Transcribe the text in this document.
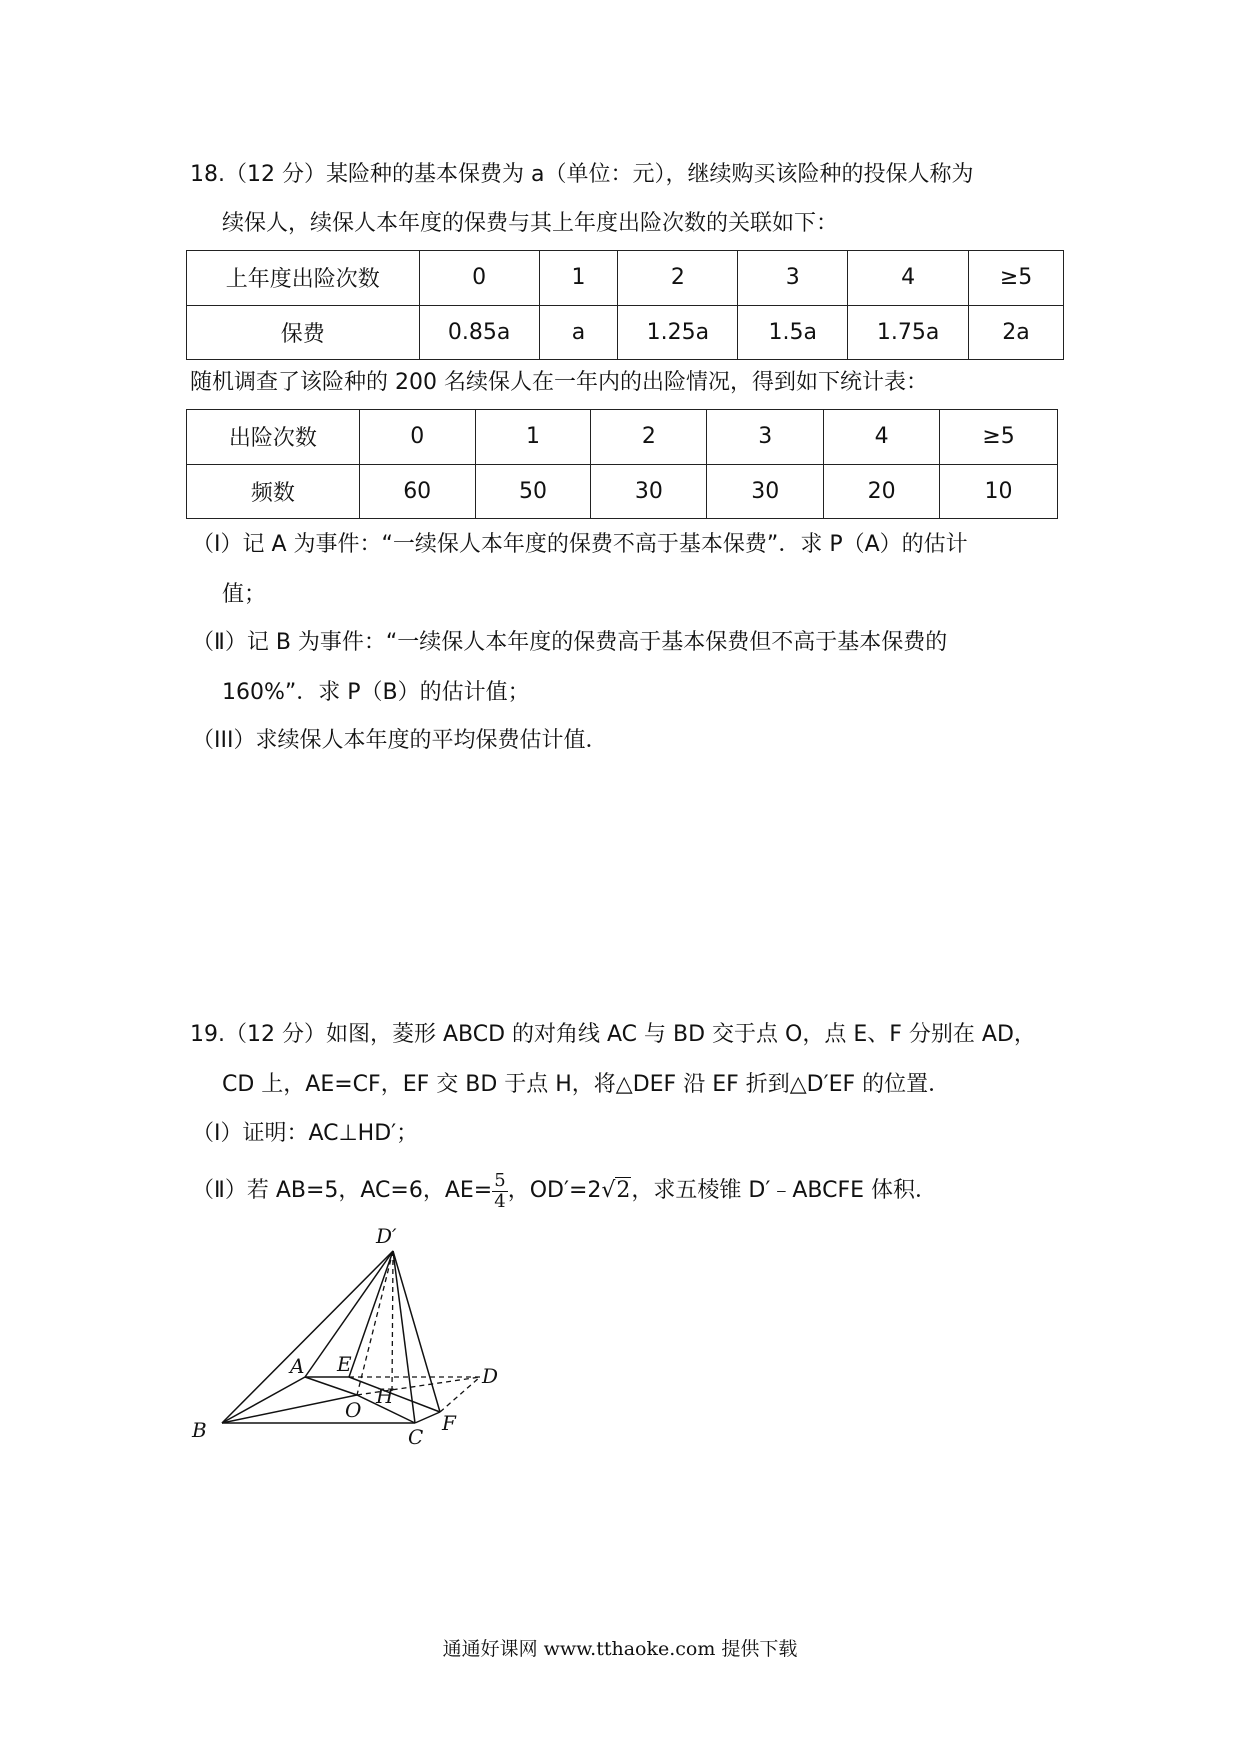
18.（12 分）某险种的基本保费为 a（单位：元），继续购买该险种的投保人称为
续保人，续保人本年度的保费与其上年度出险次数的关联如下：
上年度出险次数	0	1	2	3	4	≥5
保费	0.85a	a	1.25a	1.5a	1.75a	2a
随机调查了该险种的 200 名续保人在一年内的出险情况，得到如下统计表：
出险次数	0	1	2	3	4	≥5
频数	60	50	30	30	20	10
（I）记 A 为事件：“一续保人本年度的保费不高于基本保费”．求 P（A）的估计
值；
（Ⅱ）记 B 为事件：“一续保人本年度的保费高于基本保费但不高于基本保费的
160%”．求 P（B）的估计值；
（III）求续保人本年度的平均保费估计值．
19.（12 分）如图，菱形 ABCD 的对角线 AC 与 BD 交于点 O，点 E、F 分别在 AD，
CD 上，AE=CF，EF 交 BD 于点 H，将△DEF 沿 EF 折到△D′EF 的位置．
（Ⅰ）证明：AC⊥HD′；
（Ⅱ）若 AB=5，AC=6，$AE= \frac{5}{4}$ ，OD′=2√2，求五棱锥 D′﹣ABCFE 体积．
D′
A E	D
O
H
B	C
F
通通好课网 www.tthaoke.com 提供下载
